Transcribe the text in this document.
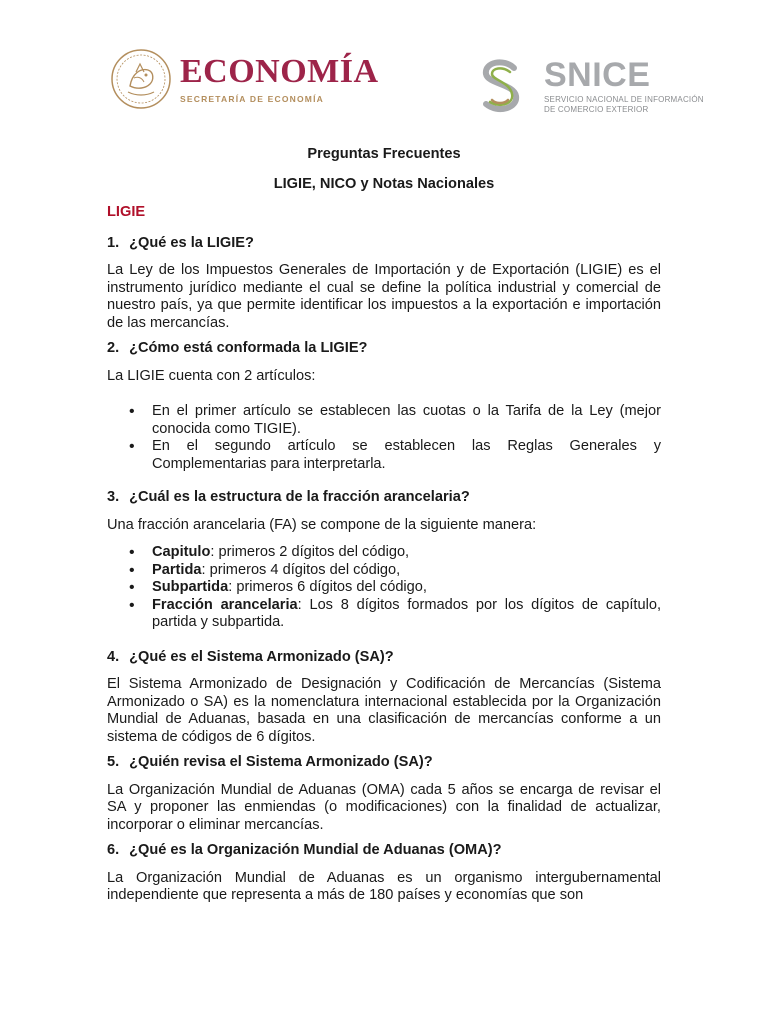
ECONOMÍA
SECRETARÍA DE ECONOMÍA
SNICE
SERVICIO NACIONAL DE INFORMACIÓN
DE COMERCIO EXTERIOR

Preguntas Frecuentes

LIGIE, NICO y Notas Nacionales

LIGIE

1. ¿Qué es la LIGIE?

La Ley de los Impuestos Generales de Importación y de Exportación (LIGIE) es el instrumento jurídico mediante el cual se define la política industrial y comercial de nuestro país, ya que permite identificar los impuestos a la exportación e importación de las mercancías.

2. ¿Cómo está conformada la LIGIE?

La LIGIE cuenta con 2 artículos:

• En el primer artículo se establecen las cuotas o la Tarifa de la Ley (mejor conocida como TIGIE).
• En el segundo artículo se establecen las Reglas Generales y Complementarias para interpretarla.

3. ¿Cuál es la estructura de la fracción arancelaria?

Una fracción arancelaria (FA) se compone de la siguiente manera:

• Capitulo: primeros 2 dígitos del código,
• Partida: primeros 4 dígitos del código,
• Subpartida: primeros 6 dígitos del código,
• Fracción arancelaria: Los 8 dígitos formados por los dígitos de capítulo, partida y subpartida.

4. ¿Qué es el Sistema Armonizado (SA)?

El Sistema Armonizado de Designación y Codificación de Mercancías (Sistema Armonizado o SA) es la nomenclatura internacional establecida por la Organización Mundial de Aduanas, basada en una clasificación de mercancías conforme a un sistema de códigos de 6 dígitos.

5. ¿Quién revisa el Sistema Armonizado (SA)?

La Organización Mundial de Aduanas (OMA) cada 5 años se encarga de revisar el SA y proponer las enmiendas (o modificaciones) con la finalidad de actualizar, incorporar o eliminar mercancías.

6. ¿Qué es la Organización Mundial de Aduanas (OMA)?

La Organización Mundial de Aduanas es un organismo intergubernamental independiente que representa a más de 180 países y economías que son
